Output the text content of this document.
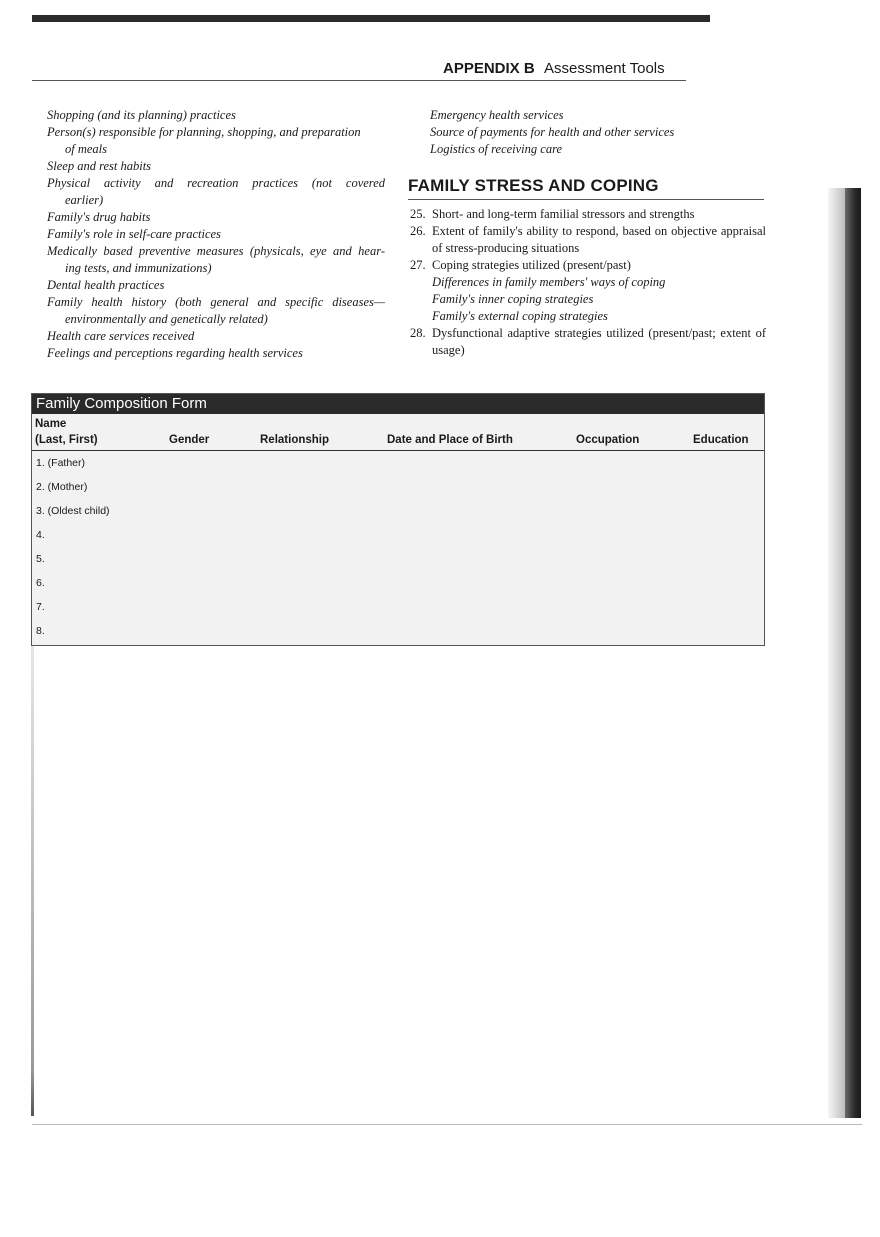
APPENDIX B Assessment Tools

Shopping (and its planning) practices

Person(s) responsible for planning, shopping, and preparation
of meals

Sleep and rest habits

Physical activity and recreation practices (not covered
earlier)

Family's drug habits

Family's role in self-care practices

Medically based preventive measures (physicals, eye and hear-
ing tests, and immunizations)

Dental health practices

Family health history (both general and specific diseases—
environmentally and genetically related)

Health care services received

Feelings and perceptions regarding health services

Emergency health services

Source of payments for health and other services

Logistics of receiving care

FAMILY STRESS AND COPING
25. Short- and long-term familial stressors and strengths
26. Extent of family's ability to respond, based on objective appraisal of stress-producing situations
27. Coping strategies utilized (present/past)
Differences in family members' ways of coping
Family's inner coping strategies
Family's external coping strategies
28. Dysfunctional adaptive strategies utilized (present/past; extent of usage)
Family Composition Form
Name
(Last, First)	Gender	Relationship	Date and Place of Birth	Occupation	Education
1. (Father)
2. (Mother)
3. (Oldest child)
4.
5.
6.
7.
8.
